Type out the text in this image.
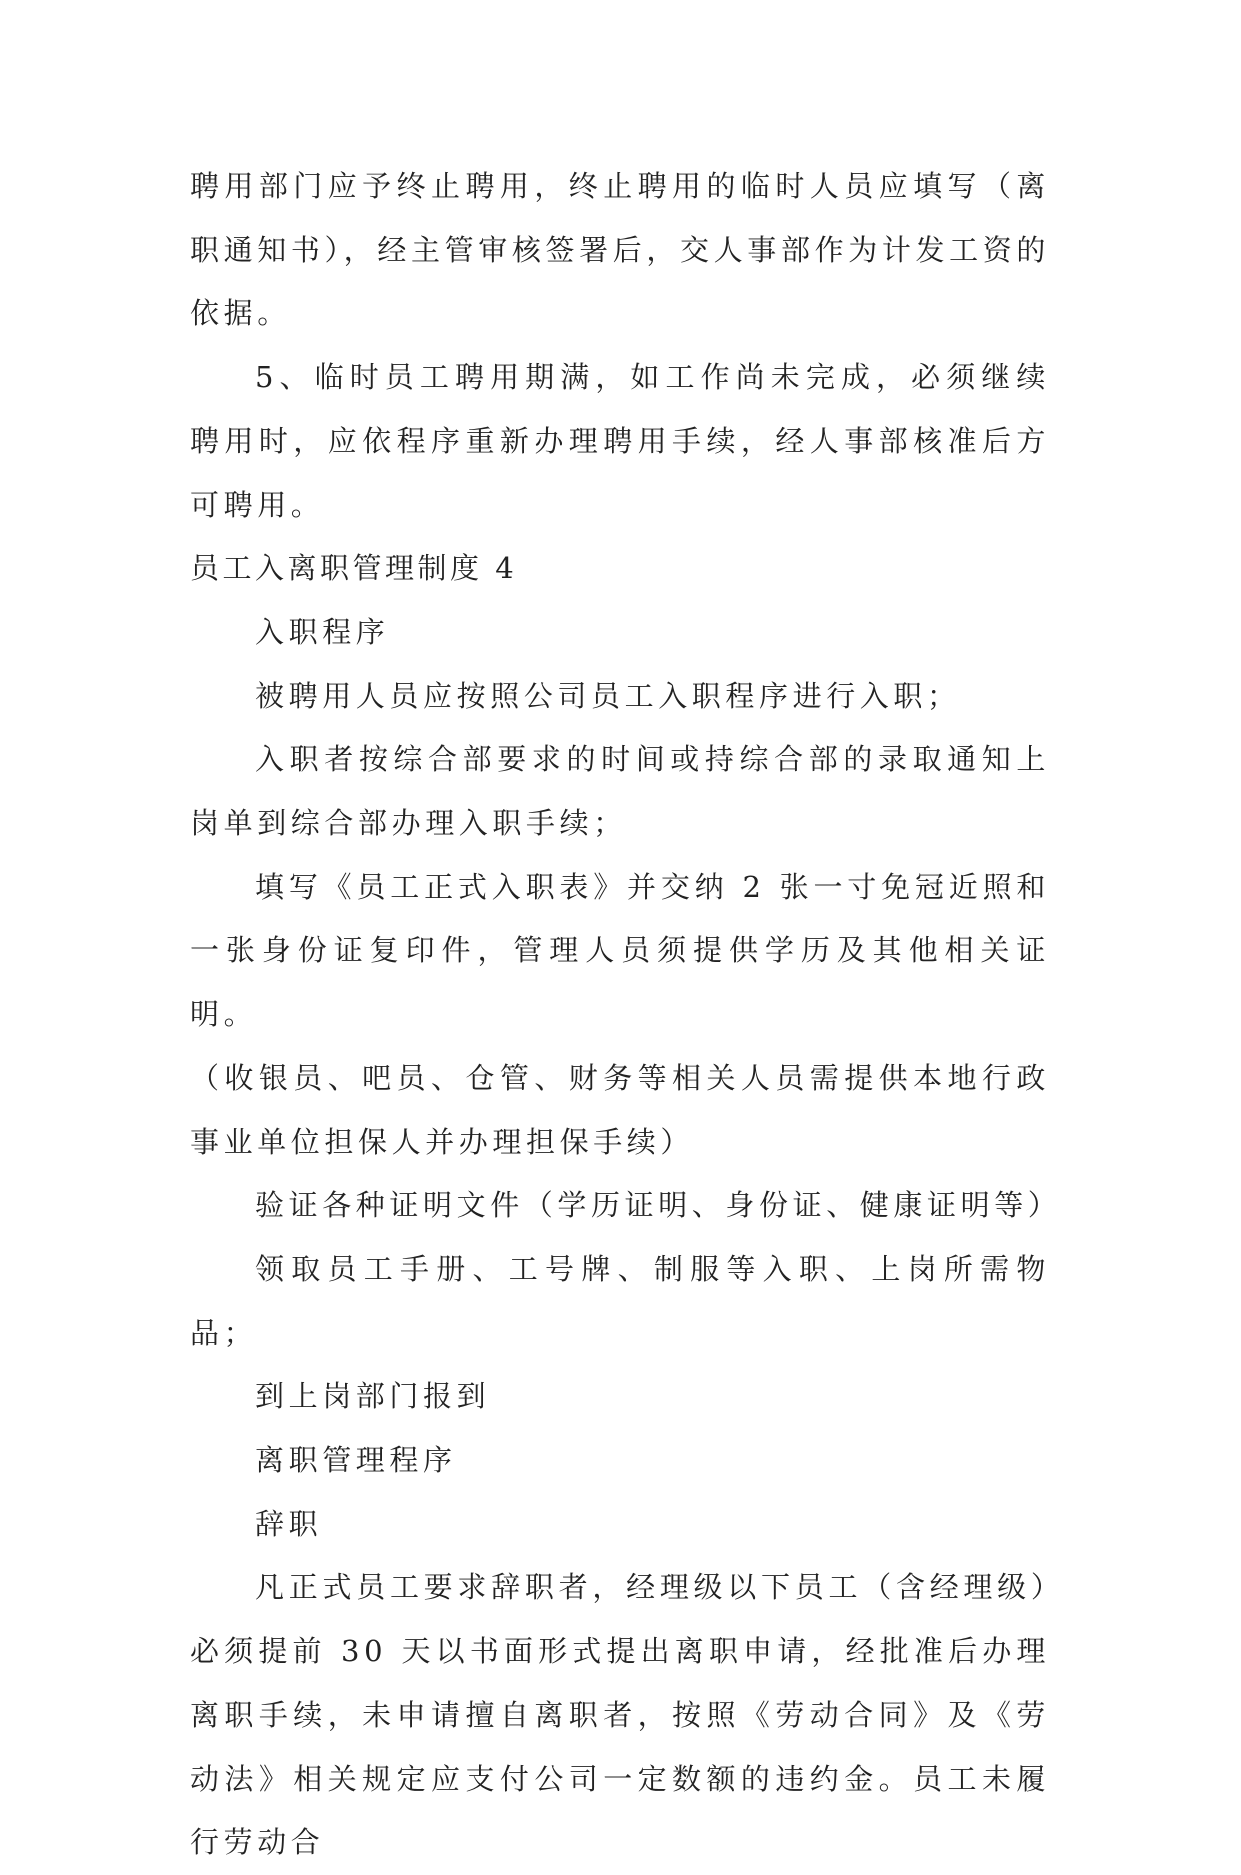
聘用部门应予终止聘用，终止聘用的临时人员应填写（离职通知书），经主管审核签署后，交人事部作为计发工资的依据。

5、临时员工聘用期满，如工作尚未完成，必须继续聘用时，应依程序重新办理聘用手续，经人事部核准后方可聘用。

员工入离职管理制度 4

入职程序

被聘用人员应按照公司员工入职程序进行入职；

入职者按综合部要求的时间或持综合部的录取通知上岗单到综合部办理入职手续；

填写《员工正式入职表》并交纳 2 张一寸免冠近照和一张身份证复印件，管理人员须提供学历及其他相关证明。

（收银员、吧员、仓管、财务等相关人员需提供本地行政事业单位担保人并办理担保手续）

验证各种证明文件（学历证明、身份证、健康证明等）

领取员工手册、工号牌、制服等入职、上岗所需物品；

到上岗部门报到

离职管理程序

辞职

凡正式员工要求辞职者，经理级以下员工（含经理级）必须提前 30 天以书面形式提出离职申请，经批准后办理离职手续，未申请擅自离职者，按照《劳动合同》及《劳动法》相关规定应支付公司一定数额的违约金。员工未履行劳动合
